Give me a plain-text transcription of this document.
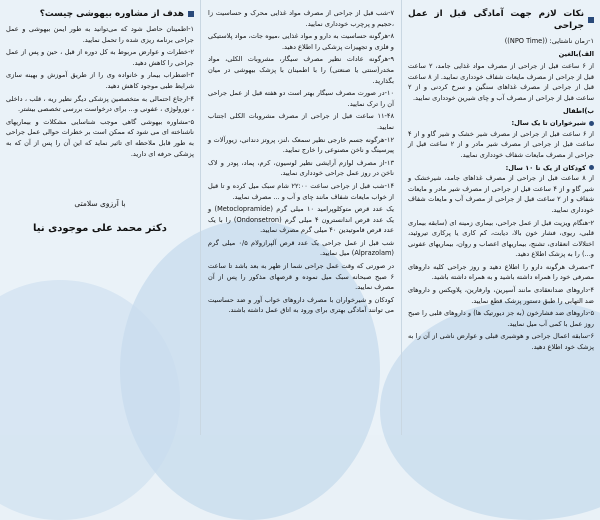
نکات لازم جهت آمادگی قبل از عمل جراحی

۱-زمان ناشتایی: ((NPO Time))

الف)بالغین

از ۶ ساعت قبل از جراحی از مصرف مواد غذایی جامد، ۲ ساعت قبل از جراحی از مصرف مایعات شفاف خودداری نمایید. از ۸ ساعت قبل از جراحی از مصرف غذاهای سنگین و سرخ کردنی و از ۲ ساعت قبل از جراحی از مصرف آب و چای شیرین خودداری نمایید.

ب)اطفال

شیرخواران تا یک سال:

از ۶ ساعت قبل از جراحی از مصرف شیر خشک و شیر گاو و از ۴ ساعت قبل از جراحی از مصرف شیر مادر و از ۲ ساعت قبل از جراحی از مصرف مایعات شفاف خودداری نمایید.

کودکان از یک تا ۱۰ سال:

از ۸ ساعت قبل از جراحی از مصرف غذاهای جامد، شیرخشک و شیر گاو و از ۴ ساعت قبل از جراحی از مصرف شیر مادر و مایعات شفاف و از ۲ ساعت قبل از جراحی از مصرف آب و مایعات شفاف خودداری نمایید.

۲-هنگام ویزیت قبل از عمل جراحی، بیماری زمینه ای (سابقه بیماری قلبی، ریوی، فشار خون بالا، دیابت، کم کاری یا پرکاری تیروئید، اختلالات انعقادی، تشنج، بیماریهای اعصاب و روان، بیماریهای عفونی و...) را به پزشک اطلاع دهید.

۳-مصرف هرگونه دارو را اطلاع دهید و روز جراحی کلیه داروهای مصرفی خود را همراه داشته باشید و به همراه داشته باشید.

۴-داروهای ضدانعقادی مانند آسپرین، وارفارین، پلاویکس و داروهای ضد التهابی را طبق دستور پزشک قطع نمایید.

۵-داروهای ضد فشارخون (به جز دیورتیک ها) و داروهای قلبی را صبح روز عمل با کمی آب میل نمایید.

۶-سابقه اعمال جراحی و هوشبری قبلی و عوارض ناشی از آن را به پزشک خود اطلاع دهید.

۷-شب قبل از جراحی از مصرف مواد غذایی محرک و حساسیت زا ،حجیم و پرچرب خودداری نمایید.

۸-هرگونه حساسیت به دارو و مواد غذایی ،میوه جات، مواد پلاستیکی و فلزی و تجهیزات پزشکی را اطلاع دهید.

۹-هرگونه عادات نظیر مصرف سیگار، مشروبات الکلی، مواد مخدر(سنتی یا صنعتی) را با اطمینان با پزشک بیهوشی در میان بگذارید.

۱۰-در صورت مصرف سیگار بهتر است دو هفته قبل از عمل جراحی آن را ترک نمایید.

۱۱-۴۸ ساعت قبل از جراحی از مصرف مشروبات الکلی اجتناب نمایید.

۱۲-هرگونه جسم خارجی نظیر سمعک ،لنز، پروتز دندانی، زیورآلات و پیرسینگ و ناخن مصنوعی را خارج نمایید.

۱۳-از مصرف لوازم آرایشی نظیر لوسیون، کرم، پماد، پودر و لاک ناخن در روز عمل جراحی خودداری نمایید.

۱۴-شب قبل از جراحی ساعت ۲۲:۰۰ شام سبک میل کرده و تا قبل از خواب مایعات شفاف مانند چای و آب و ... مصرف نمایید.

یک عدد قرص متوکلوپرامید ۱۰ میلی گرم (Metoclopramide) و یک عدد قرص اندانسترون ۴ میلی گرم (Ondonsetron) را با یک عدد قرص فاموتیدین ۴۰ میلی گرم مصرف نمایید.

شب قبل از عمل جراحی یک عدد قرص آلپرازولام ۰/۵ میلی گرم (Alprazolam) میل نمایید.

در صورتی که وقت عمل جراحی شما از ظهر به بعد باشد تا ساعت ۶ صبح صبحانه سبک میل نموده و قرصهای مذکور را پس از آن مصرف نمایید.

کودکان و شیرخواران با مصرف داروهای خواب آور و ضد حساسیت می توانند آمادگی بهتری برای ورود به اتاق عمل داشته باشند.

هدف از مشاوره بیهوشی چیست؟

۱-اطمینان حاصل شود که می‌توانید به طور ایمن بیهوشی و عمل جراحی برنامه ریزی شده را تحمل نمایید.

۲-خطرات و عوارض مربوط به کل دوره از قبل ، حین و پس از عمل جراحی را کاهش دهید.

۳-اضطراب بیمار و خانواده وی را از طریق آموزش و بهینه سازی شرایط طبی موجود کاهش دهید.

۴-ارجاع احتمالی به متخصصین پزشکی دیگر نظیر ریه ، قلب ، داخلی ، نورولوژی ، عفونی و... برای درخواست بررسی تخصصی بیشتر.

۵-مشاوره بیهوشی گاهی موجب شناسایی مشکلات و بیماریهای ناشناخته ای می شود که ممکن است بر خطرات حوالی عمل جراحی به طور قابل ملاحظه ای تاثیر نماید که این آن را پس از آن که به پزشکی حرفه ای دارید.

با آرزوی سلامتی
دکتر محمد علی موجودی نیا
